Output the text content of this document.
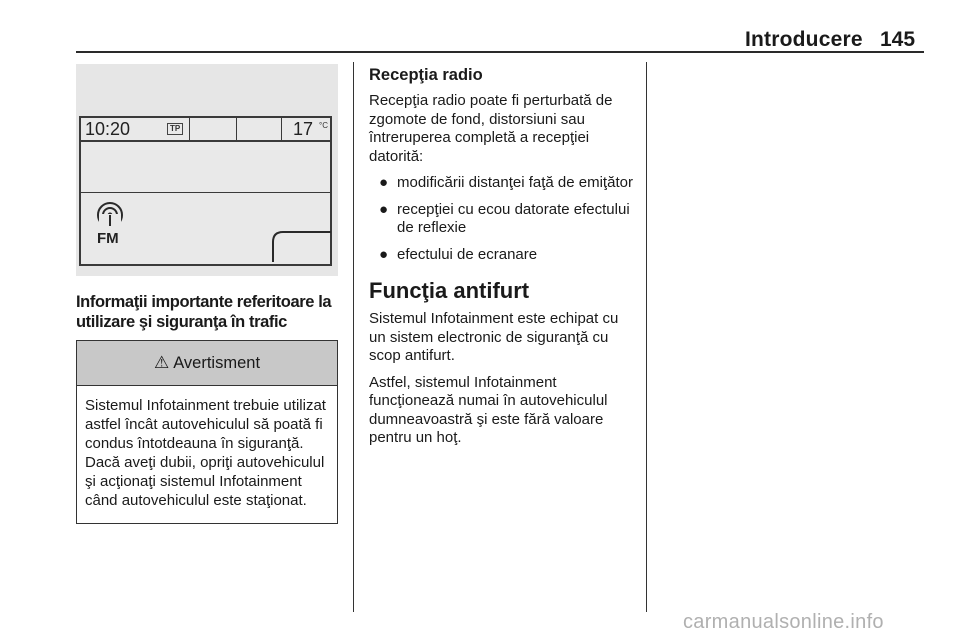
Introducere 145
10:20	TP	17 °C
FM
Informaţii importante referitoare la utilizare şi siguranţa în trafic
⚠ Avertisment
Sistemul Infotainment trebuie utilizat astfel încât autovehiculul să poată fi condus întotdeauna în siguranţă. Dacă aveţi dubii, opriţi autovehiculul şi acţionaţi sistemul Infotainment când autovehiculul este staţionat.
Recepţia radio

Recepţia radio poate fi perturbată de zgomote de fond, distorsiuni sau întreruperea completă a recepţiei datorită:

● modificării distanţei faţă de emiţător
● recepţiei cu ecou datorate efectului de reflexie
● efectului de ecranare
Funcţia antifurt

Sistemul Infotainment este echipat cu un sistem electronic de siguranţă cu scop antifurt.

Astfel, sistemul Infotainment funcţionează numai în autovehiculul dumneavoastră şi este fără valoare pentru un hoţ.

carmanualsonline.info
